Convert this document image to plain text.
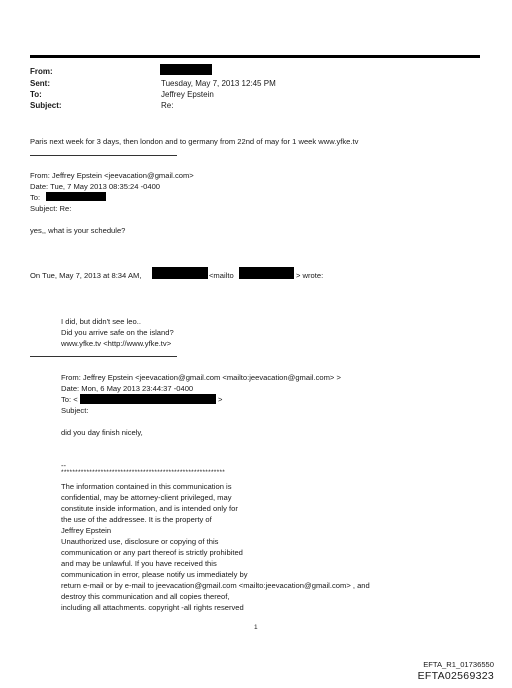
From:
Sent:	Tuesday, May 7, 2013 12:45 PM
To:	Jeffrey Epstein
Subject:	Re:
Paris next week for 3 days, then london and to germany from 22nd of may for 1 week www.yfke.tv
From: Jeffrey Epstein <jeevacation@gmail.com>
Date: Tue, 7 May 2013 08:35:24 -0400
To:
Subject: Re:
yes,, what is your schedule?
On Tue, May 7, 2013 at 8:34 AM,	<mailto	> wrote:
I did, but didn't see leo..
Did you arrive safe on the island?
www.yfke.tv <http://www.yfke.tv>
From: Jeffrey Epstein <jeevacation@gmail.com <mailto:jeevacation@gmail.com> >
Date: Mon, 6 May 2013 23:44:37 -0400
To: <	>
Subject:
did you day finish nicely,
--
**********************************************************
The information contained in this communication is
confidential, may be attorney-client privileged, may
constitute inside information, and is intended only for
the use of the addressee. It is the property of
Jeffrey Epstein
Unauthorized use, disclosure or copying of this
communication or any part thereof is strictly prohibited
and may be unlawful. If you have received this
communication in error, please notify us immediately by
return e-mail or by e-mail to jeevacation@gmail.com <mailto:jeevacation@gmail.com> , and
destroy this communication and all copies thereof,
including all attachments. copyright -all rights reserved
1
EFTA_R1_01736550
EFTA02569323
